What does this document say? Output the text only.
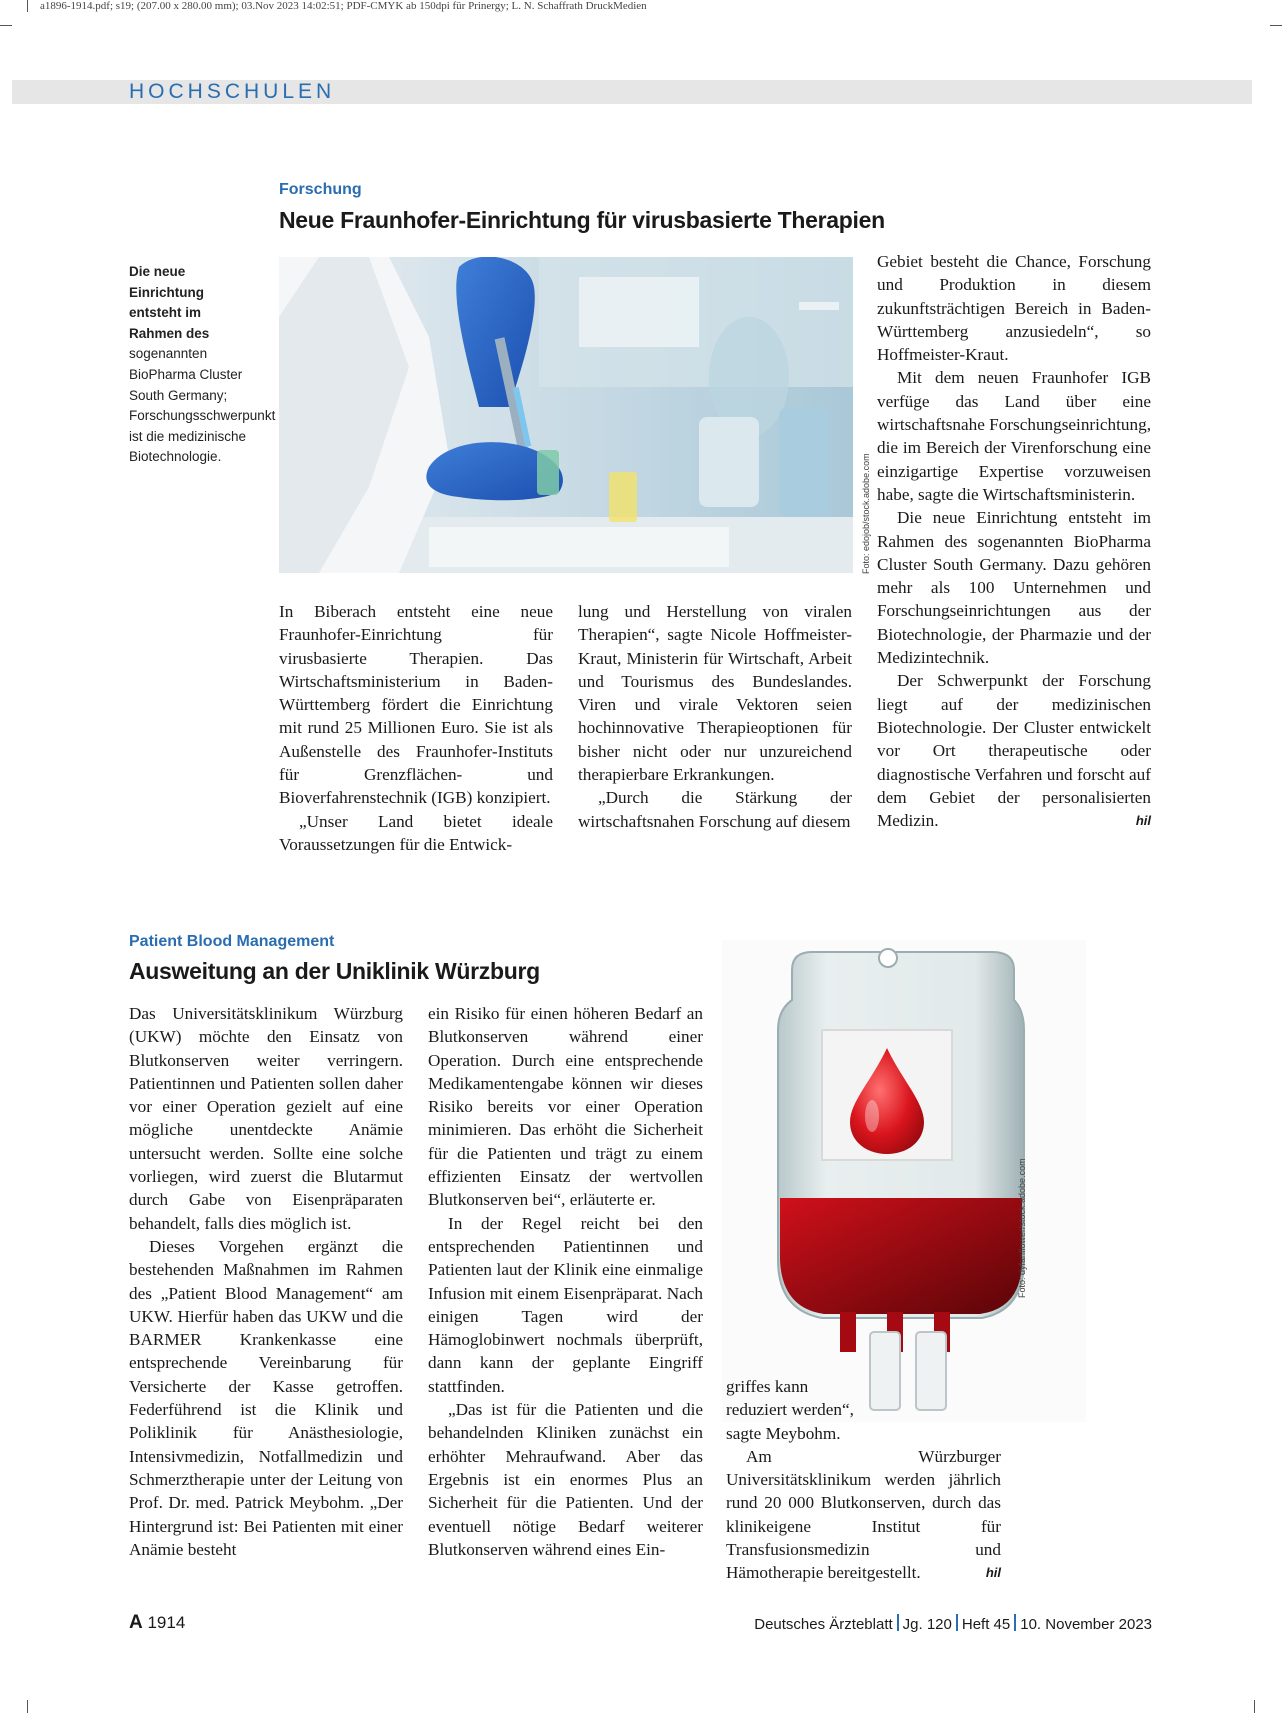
a1896-1914.pdf; s19; (207.00 x 280.00 mm); 03.Nov 2023 14:02:51; PDF-CMYK ab 150dpi für Prinergy; L. N. Schaffrath DruckMedien
HOCHSCHULEN
Forschung
Neue Fraunhofer-Einrichtung für virusbasierte Therapien
Die neue Einrichtung entsteht im Rahmen des sogenannten BioPharma Cluster South Germany; Forschungsschwerpunkt ist die medizinische Biotechnologie.	Foto: edojob/stock.adobe.com

In Biberach entsteht eine neue Fraunhofer-Einrichtung für virusbasierte Therapien. Das Wirtschaftsministerium in Baden-Württemberg fördert die Einrichtung mit rund 25 Millionen Euro. Sie ist als Außenstelle des Fraunhofer-Instituts für Grenzflächen- und Bioverfahrenstechnik (IGB) konzipiert.

„Unser Land bietet ideale Voraussetzungen für die Entwick-

lung und Herstellung von viralen Therapien“, sagte Nicole Hoffmeister-Kraut, Ministerin für Wirtschaft, Arbeit und Tourismus des Bundeslandes. Viren und virale Vektoren seien hochinnovative Therapieoptionen für bisher nicht oder nur unzureichend therapierbare Erkrankungen.

„Durch die Stärkung der wirtschaftsnahen Forschung auf diesem

Gebiet besteht die Chance, Forschung und Produktion in diesem zukunftsträchtigen Bereich in Baden-Württemberg anzusiedeln“, so Hoffmeister-Kraut.

Mit dem neuen Fraunhofer IGB verfüge das Land über eine wirtschaftsnahe Forschungseinrichtung, die im Bereich der Virenforschung eine einzigartige Expertise vorzuweisen habe, sagte die Wirtschaftsministerin.

Die neue Einrichtung entsteht im Rahmen des sogenannten BioPharma Cluster South Germany. Dazu gehören mehr als 100 Unternehmen und Forschungseinrichtungen aus der Biotechnologie, der Pharmazie und der Medizintechnik.

Der Schwerpunkt der Forschung liegt auf der medizinischen Biotechnologie. Der Cluster entwickelt vor Ort therapeutische oder diagnostische Verfahren und forscht auf dem Gebiet der personalisierten Medizin.	hil

Patient Blood Management
Ausweitung an der Uniklinik Würzburg
Foto: dyfanflower/stock.adobe.com

Das Universitätsklinikum Würzburg (UKW) möchte den Einsatz von Blutkonserven weiter verringern. Patientinnen und Patienten sollen daher vor einer Operation gezielt auf eine mögliche unentdeckte Anämie untersucht werden. Sollte eine solche vorliegen, wird zuerst die Blutarmut durch Gabe von Eisenpräparaten behandelt, falls dies möglich ist.

Dieses Vorgehen ergänzt die bestehenden Maßnahmen im Rahmen des „Patient Blood Management“ am UKW. Hierfür haben das UKW und die BARMER Krankenkasse eine entsprechende Vereinbarung für Versicherte der Kasse getroffen. Federführend ist die Klinik und Poliklinik für Anästhesiologie, Intensivmedizin, Notfallmedizin und Schmerztherapie unter der Leitung von Prof. Dr. med. Patrick Meybohm. „Der Hintergrund ist: Bei Patienten mit einer Anämie besteht

ein Risiko für einen höheren Bedarf an Blutkonserven während einer Operation. Durch eine entsprechende Medikamentengabe können wir dieses Risiko bereits vor einer Operation minimieren. Das erhöht die Sicherheit für die Patienten und trägt zu einem effizienten Einsatz der wertvollen Blutkonserven bei“, erläuterte er.

In der Regel reicht bei den entsprechenden Patientinnen und Patienten laut der Klinik eine einmalige Infusion mit einem Eisenpräparat. Nach einigen Tagen wird der Hämoglobinwert nochmals überprüft, dann kann der geplante Eingriff stattfinden.

„Das ist für die Patienten und die behandelnden Kliniken zunächst ein erhöhter Mehraufwand. Aber das Ergebnis ist ein enormes Plus an Sicherheit für die Patienten. Und der eventuell nötige Bedarf weiterer Blutkonserven während eines Ein-

griffes kann reduziert werden“, sagte Meybohm.

Am Würzburger Universitätsklinikum werden jährlich rund 20 000 Blutkonserven, durch das klinikeigene Institut für Transfusionsmedizin und Hämotherapie bereitgestellt.	hil

A 1914	Deutsches Ärzteblatt Jg. 120 Heft 45 10. November 2023
